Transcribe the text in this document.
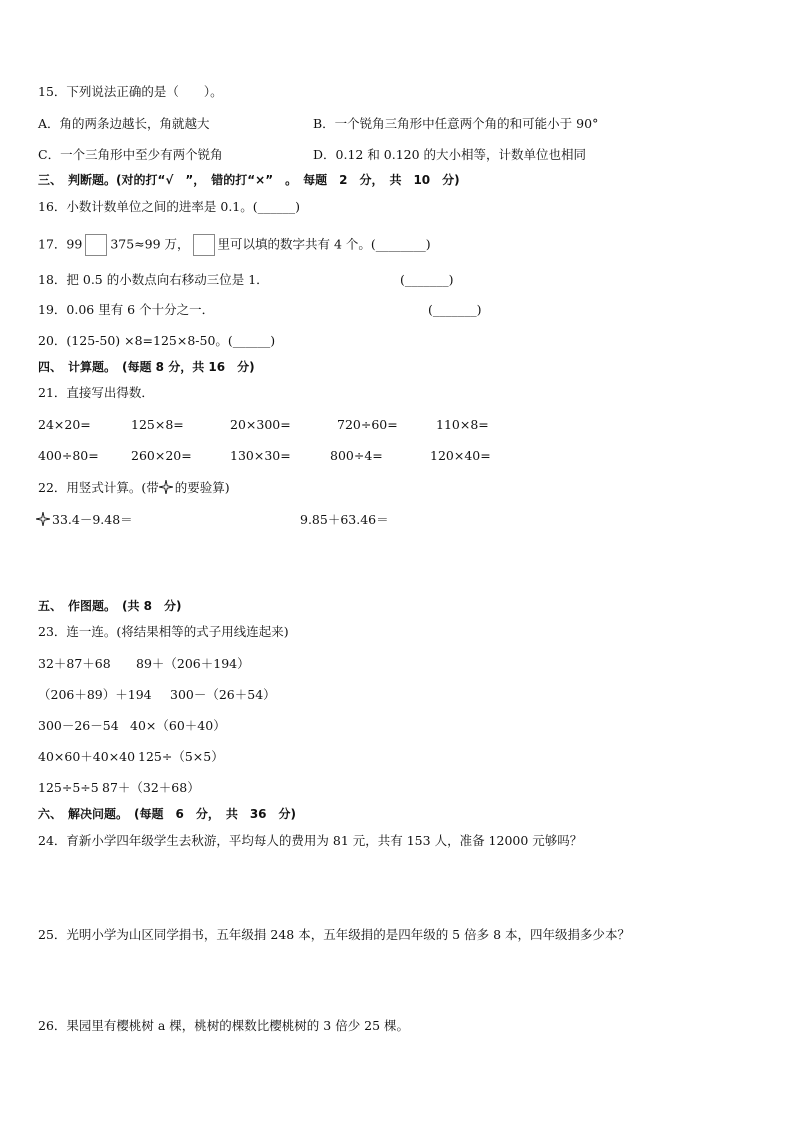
15．下列说法正确的是（　　）。
A．角的两条边越长，角就越大	B．一个锐角三角形中任意两个角的和可能小于 90°
C．一个三角形中至少有两个锐角	D．0.12 和 0.120 的大小相等，计数单位也相同
三、　判断题。(对的打“√　”，　错的打“×”　。　每题　2　分，　共　10　分)
16．小数计数单位之间的进率是 0.1。(______)
17．99 375≈99 万， 里可以填的数字共有 4 个。(________)
18．把 0.5 的小数点向右移动三位是 1．	(_______)
19．0.06 里有 6 个十分之一．	(_______)
20．(125-50) ×8=125×8-50。(______)
四、　计算题。　(每题 8 分，共 16　分)
21．直接写出得数．
24×20=	125×8=	20×300=	720÷60=	110×8=
400÷80=	260×20=	130×30=	800÷4=	120×40=
22．用竖式计算。(带 的要验算)
33.4－9.48＝	9.85＋63.46＝
五、　作图题。　(共 8　分)
23．连一连。(将结果相等的式子用线连起来)
32＋87＋68 89＋（206＋194）
（206＋89）＋194 300－（26＋54）
300－26－54 40×（60＋40）
40×60＋40×40 125÷（5×5）
125÷5÷5 87＋（32＋68）
六、　解决问题。　(每题　6　分，　共　36　分)
24．育新小学四年级学生去秋游，平均每人的费用为 81 元，共有 153 人，准备 12000 元够吗？
25．光明小学为山区同学捐书，五年级捐 248 本，五年级捐的是四年级的 5 倍多 8 本，四年级捐多少本？
26．果园里有樱桃树 a 棵，桃树的棵数比樱桃树的 3 倍少 25 棵。
